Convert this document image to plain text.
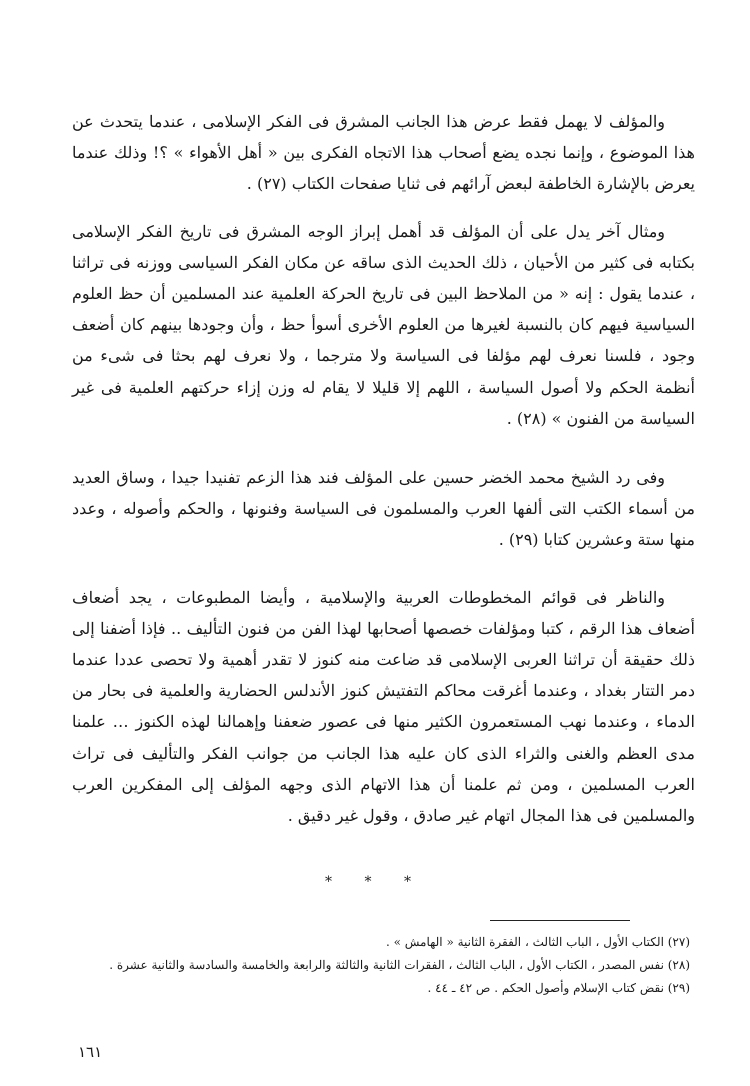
والمؤلف لا يهمل فقط عرض هذا الجانب المشرق فى الفكر الإسلامى ، عندما يتحدث عن هذا الموضوع ، وإنما نجده يضع أصحاب هذا الاتجاه الفكرى بين « أهل الأهواء » ؟! وذلك عندما يعرض بالإشارة الخاطفة لبعض آرائهم فى ثنايا صفحات الكتاب (٢٧) .

ومثال آخر يدل على أن المؤلف قد أهمل إبراز الوجه المشرق فى تاريخ الفكر الإسلامى بكتابه فى كثير من الأحيان ، ذلك الحديث الذى ساقه عن مكان الفكر السياسى ووزنه فى تراثنا ، عندما يقول : إنه « من الملاحظ البين فى تاريخ الحركة العلمية عند المسلمين أن حظ العلوم السياسية فيهم كان بالنسبة لغيرها من العلوم الأخرى أسوأ حظ ، وأن وجودها بينهم كان أضعف وجود ، فلسنا نعرف لهم مؤلفا فى السياسة ولا مترجما ، ولا نعرف لهم بحثا فى شىء من أنظمة الحكم ولا أصول السياسة ، اللهم إلا قليلا لا يقام له وزن إزاء حركتهم العلمية فى غير السياسة من الفنون » (٢٨) .

وفى رد الشيخ محمد الخضر حسين على المؤلف فند هذا الزعم تفنيدا جيدا ، وساق العديد من أسماء الكتب التى ألفها العرب والمسلمون فى السياسة وفنونها ، والحكم وأصوله ، وعدد منها ستة وعشرين كتابا (٢٩) .

والناظر فى قوائم المخطوطات العربية والإسلامية ، وأيضا المطبوعات ، يجد أضعاف أضعاف هذا الرقم ، كتبا ومؤلفات خصصها أصحابها لهذا الفن من فنون التأليف .. فإذا أضفنا إلى ذلك حقيقة أن تراثنا العربى الإسلامى قد ضاعت منه كنوز لا تقدر أهمية ولا تحصى عددا عندما دمر التتار بغداد ، وعندما أغرقت محاكم التفتيش كنوز الأندلس الحضارية والعلمية فى بحار من الدماء ، وعندما نهب المستعمرون الكثير منها فى عصور ضعفنا وإهمالنا لهذه الكنوز … علمنا مدى العظم والغنى والثراء الذى كان عليه هذا الجانب من جوانب الفكر والتأليف فى تراث العرب المسلمين ، ومن ثم علمنا أن هذا الاتهام الذى وجهه المؤلف إلى المفكرين العرب والمسلمين فى هذا المجال اتهام غير صادق ، وقول غير دقيق .

* * *

(٢٧) الكتاب الأول ، الباب الثالث ، الفقرة الثانية « الهامش » .

(٢٨) نفس المصدر ، الكتاب الأول ، الباب الثالث ، الفقرات الثانية والثالثة والرابعة والخامسة والسادسة والثانية عشرة .

(٢٩) نقض كتاب الإسلام وأصول الحكم . ص ٤٢ ـ ٤٤ .

١٦١
